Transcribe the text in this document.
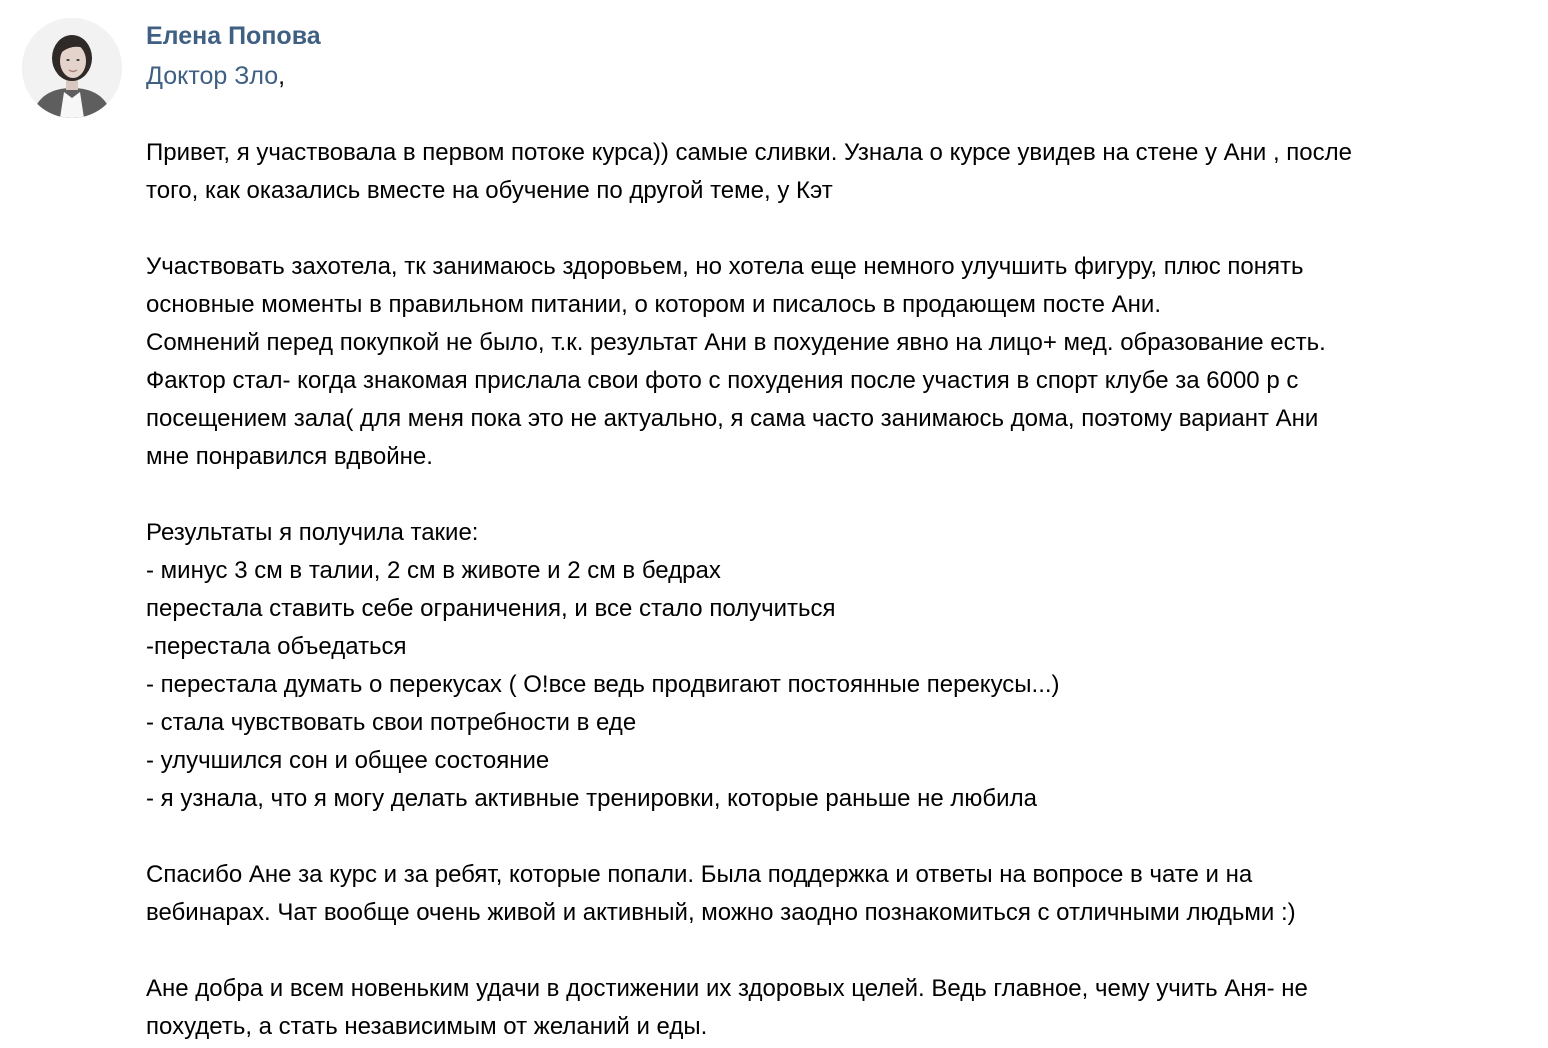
Елена Попова
Доктор Зло,
Привет, я участвовала в первом потоке курса)) самые сливки. Узнала о курсе увидев на стене у Ани , после
того, как оказались вместе на обучение по другой теме, у Кэт
Участвовать захотела, тк занимаюсь здоровьем, но хотела еще немного улучшить фигуру, плюс понять
основные моменты в правильном питании, о котором и писалось в продающем посте Ани.
Сомнений перед покупкой не было, т.к. результат Ани в похудение явно на лицо+ мед. образование есть.
Фактор стал- когда знакомая прислала свои фото с похудения после участия в спорт клубе за 6000 р с
посещением зала( для меня пока это не актуально, я сама часто занимаюсь дома, поэтому вариант Ани
мне понравился вдвойне.
Результаты я получила такие:
- минус 3 см в талии, 2 см в животе и 2 см в бедрах
перестала ставить себе ограничения, и все стало получиться
-перестала объедаться
- перестала думать о перекусах ( О!все ведь продвигают постоянные перекусы...)
- стала чувствовать свои потребности в еде
- улучшился сон и общее состояние
- я узнала, что я могу делать активные тренировки, которые раньше не любила
Спасибо Ане за курс и за ребят, которые попали. Была поддержка и ответы на вопросе в чате и на
вебинарах. Чат вообще очень живой и активный, можно заодно познакомиться с отличными людьми :)
Ане добра и всем новеньким удачи в достижении их здоровых целей. Ведь главное, чему учить Аня- не
похудеть, а стать независимым от желаний и еды.
